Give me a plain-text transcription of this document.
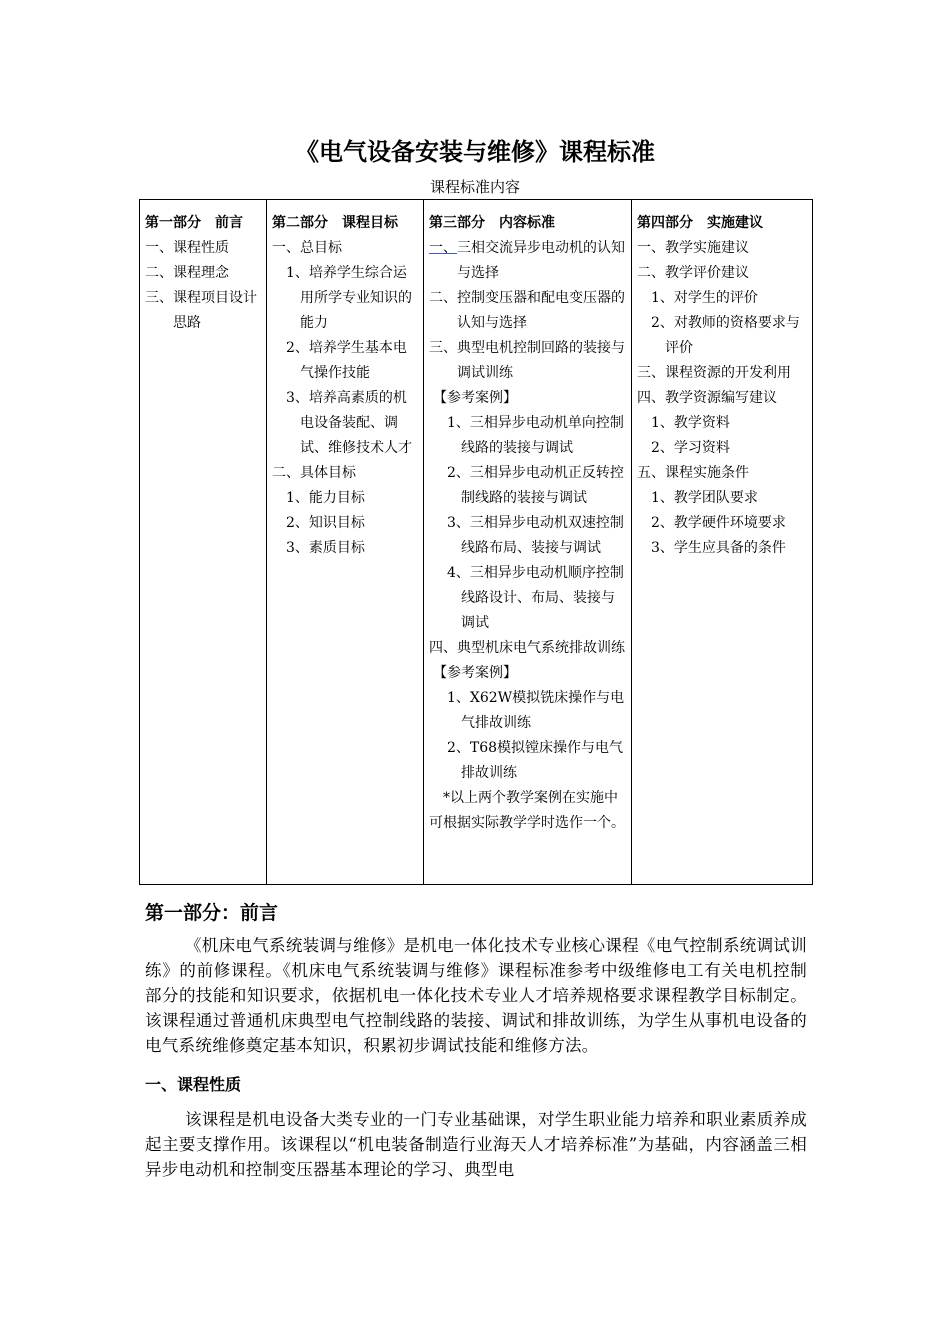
《电气设备安装与维修》课程标准
课程标准内容
第一部分　前言
一、课程性质
二、课程理念
三、课程项目设计思路

第二部分　课程目标
一、总目标
1、培养学生综合运用所学专业知识的能力
2、培养学生基本电气操作技能
3、培养高素质的机电设备装配、调试、维修技术人才
二、具体目标
1、能力目标
2、知识目标
3、素质目标

第三部分　内容标准
一、三相交流异步电动机的认知与选择
二、控制变压器和配电变压器的认知与选择
三、典型电机控制回路的装接与调试训练
【参考案例】
1、三相异步电动机单向控制线路的装接与调试
2、三相异步电动机正反转控制线路的装接与调试
3、三相异步电动机双速控制线路布局、装接与调试
4、三相异步电动机顺序控制线路设计、布局、装接与调试
四、典型机床电气系统排故训练
【参考案例】
1、X62W模拟铣床操作与电气排故训练
2、T68模拟镗床操作与电气排故训练
*以上两个教学案例在实施中可根据实际教学学时选作一个。

第四部分　实施建议
一、教学实施建议
二、教学评价建议
1、对学生的评价
2、对教师的资格要求与评价
三、课程资源的开发利用
四、教学资源编写建议
1、教学资料
2、学习资料
五、课程实施条件
1、教学团队要求
2、教学硬件环境要求
3、学生应具备的条件
第一部分：前言

《机床电气系统装调与维修》是机电一体化技术专业核心课程《电气控制系统调试训练》的前修课程。《机床电气系统装调与维修》课程标准参考中级维修电工有关电机控制部分的技能和知识要求，依据机电一体化技术专业人才培养规格要求课程教学目标制定。该课程通过普通机床典型电气控制线路的装接、调试和排故训练，为学生从事机电设备的电气系统维修奠定基本知识，积累初步调试技能和维修方法。

一、课程性质

该课程是机电设备大类专业的一门专业基础课，对学生职业能力培养和职业素质养成起主要支撑作用。该课程以“机电装备制造行业海天人才培养标准”为基础，内容涵盖三相异步电动机和控制变压器基本理论的学习、典型电
